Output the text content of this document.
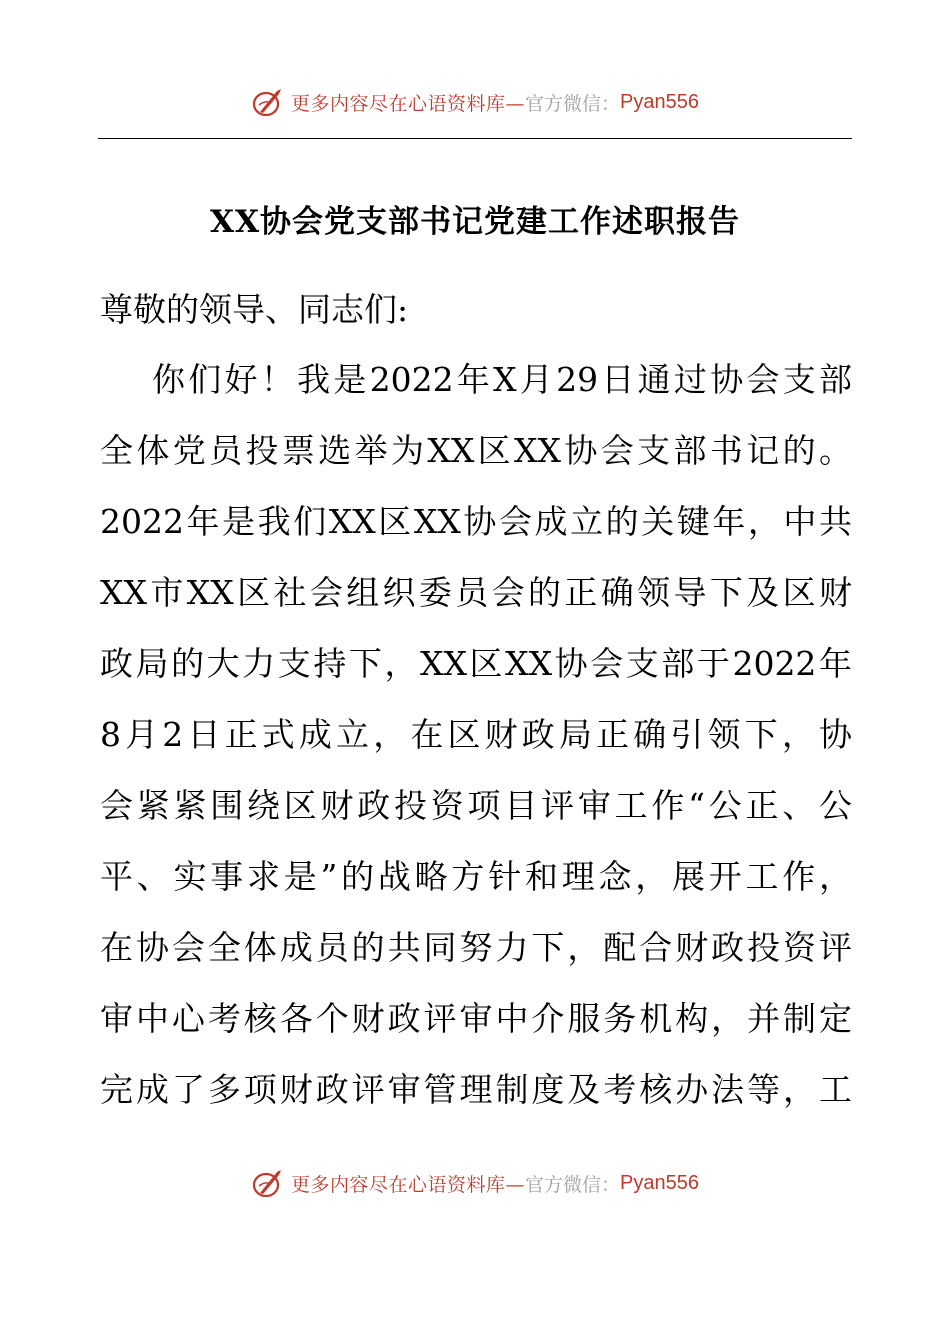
更多内容尽在心语资料库— 官方微信： Pyan556
XX协会党支部书记党建工作述职报告

尊敬的领导、同志们:

你们好！我是2022年X月29日通过协会支部

全体党员投票选举为XX区XX协会支部书记的。

2022年是我们XX区XX协会成立的关键年，中共

XX市XX区社会组织委员会的正确领导下及区财

政局的大力支持下，XX区XX协会支部于2022年

8月2日正式成立，在区财政局正确引领下，协

会紧紧围绕区财政投资项目评审工作“公正、公

平、实事求是”的战略方针和理念，展开工作，

在协会全体成员的共同努力下，配合财政投资评

审中心考核各个财政评审中介服务机构，并制定

完成了多项财政评审管理制度及考核办法等，工

更多内容尽在心语资料库— 官方微信： Pyan556
